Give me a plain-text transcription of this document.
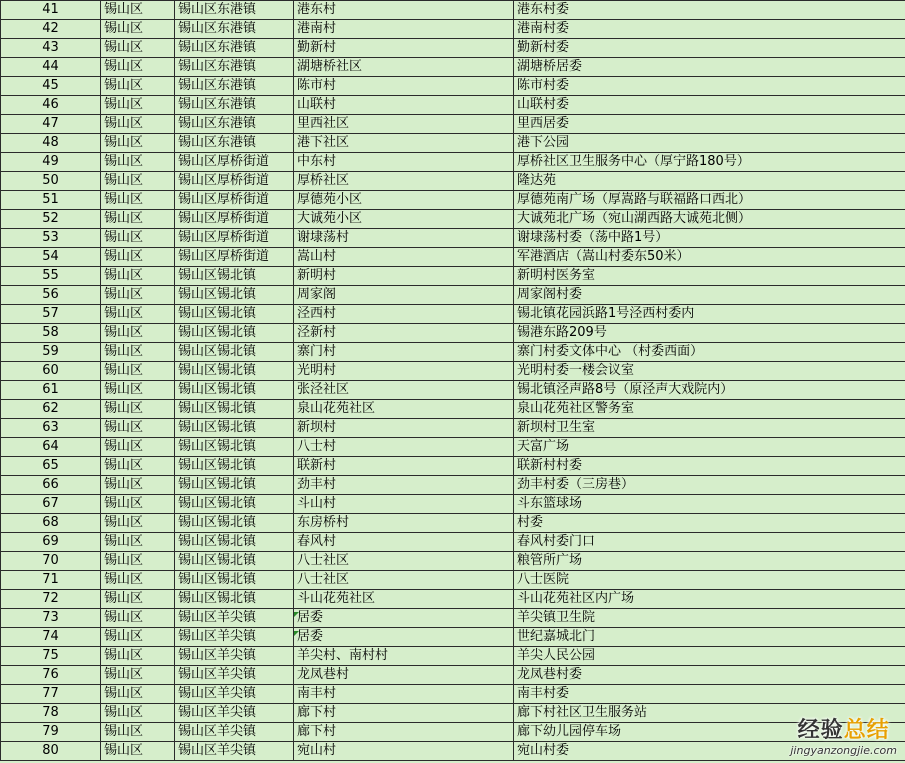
41	锡山区	锡山区东港镇	港东村	港东村委
42	锡山区	锡山区东港镇	港南村	港南村委
43	锡山区	锡山区东港镇	勤新村	勤新村委
44	锡山区	锡山区东港镇	湖塘桥社区	湖塘桥居委
45	锡山区	锡山区东港镇	陈市村	陈市村委
46	锡山区	锡山区东港镇	山联村	山联村委
47	锡山区	锡山区东港镇	里西社区	里西居委
48	锡山区	锡山区东港镇	港下社区	港下公园
49	锡山区	锡山区厚桥街道	中东村	厚桥社区卫生服务中心（厚宁路180号）
50	锡山区	锡山区厚桥街道	厚桥社区	隆达苑
51	锡山区	锡山区厚桥街道	厚德苑小区	厚德苑南广场（厚嵩路与联福路口西北）
52	锡山区	锡山区厚桥街道	大诚苑小区	大诚苑北广场（宛山湖西路大诚苑北侧）
53	锡山区	锡山区厚桥街道	谢埭荡村	谢埭荡村委（荡中路1号）
54	锡山区	锡山区厚桥街道	嵩山村	军港酒店（嵩山村委东50米）
55	锡山区	锡山区锡北镇	新明村	新明村医务室
56	锡山区	锡山区锡北镇	周家阁	周家阁村委
57	锡山区	锡山区锡北镇	泾西村	锡北镇花园浜路1号泾西村委内
58	锡山区	锡山区锡北镇	泾新村	锡港东路209号
59	锡山区	锡山区锡北镇	寨门村	寨门村委文体中心 （村委西面）
60	锡山区	锡山区锡北镇	光明村	光明村委一楼会议室
61	锡山区	锡山区锡北镇	张泾社区	锡北镇泾声路8号（原泾声大戏院内）
62	锡山区	锡山区锡北镇	泉山花苑社区	泉山花苑社区警务室
63	锡山区	锡山区锡北镇	新坝村	新坝村卫生室
64	锡山区	锡山区锡北镇	八士村	天富广场
65	锡山区	锡山区锡北镇	联新村	联新村村委
66	锡山区	锡山区锡北镇	劲丰村	劲丰村委（三房巷）
67	锡山区	锡山区锡北镇	斗山村	斗东篮球场
68	锡山区	锡山区锡北镇	东房桥村	村委
69	锡山区	锡山区锡北镇	春风村	春风村委门口
70	锡山区	锡山区锡北镇	八士社区	粮管所广场
71	锡山区	锡山区锡北镇	八士社区	八士医院
72	锡山区	锡山区锡北镇	斗山花苑社区	斗山花苑社区内广场
73	锡山区	锡山区羊尖镇	居委	羊尖镇卫生院
74	锡山区	锡山区羊尖镇	居委	世纪嘉城北门
75	锡山区	锡山区羊尖镇	羊尖村、南村村	羊尖人民公园
76	锡山区	锡山区羊尖镇	龙凤巷村	龙凤巷村委
77	锡山区	锡山区羊尖镇	南丰村	南丰村委
78	锡山区	锡山区羊尖镇	廊下村	廊下村社区卫生服务站
79	锡山区	锡山区羊尖镇	廊下村	廊下幼儿园停车场
80	锡山区	锡山区羊尖镇	宛山村	宛山村委
经验总结
jingyanzongjie.com
